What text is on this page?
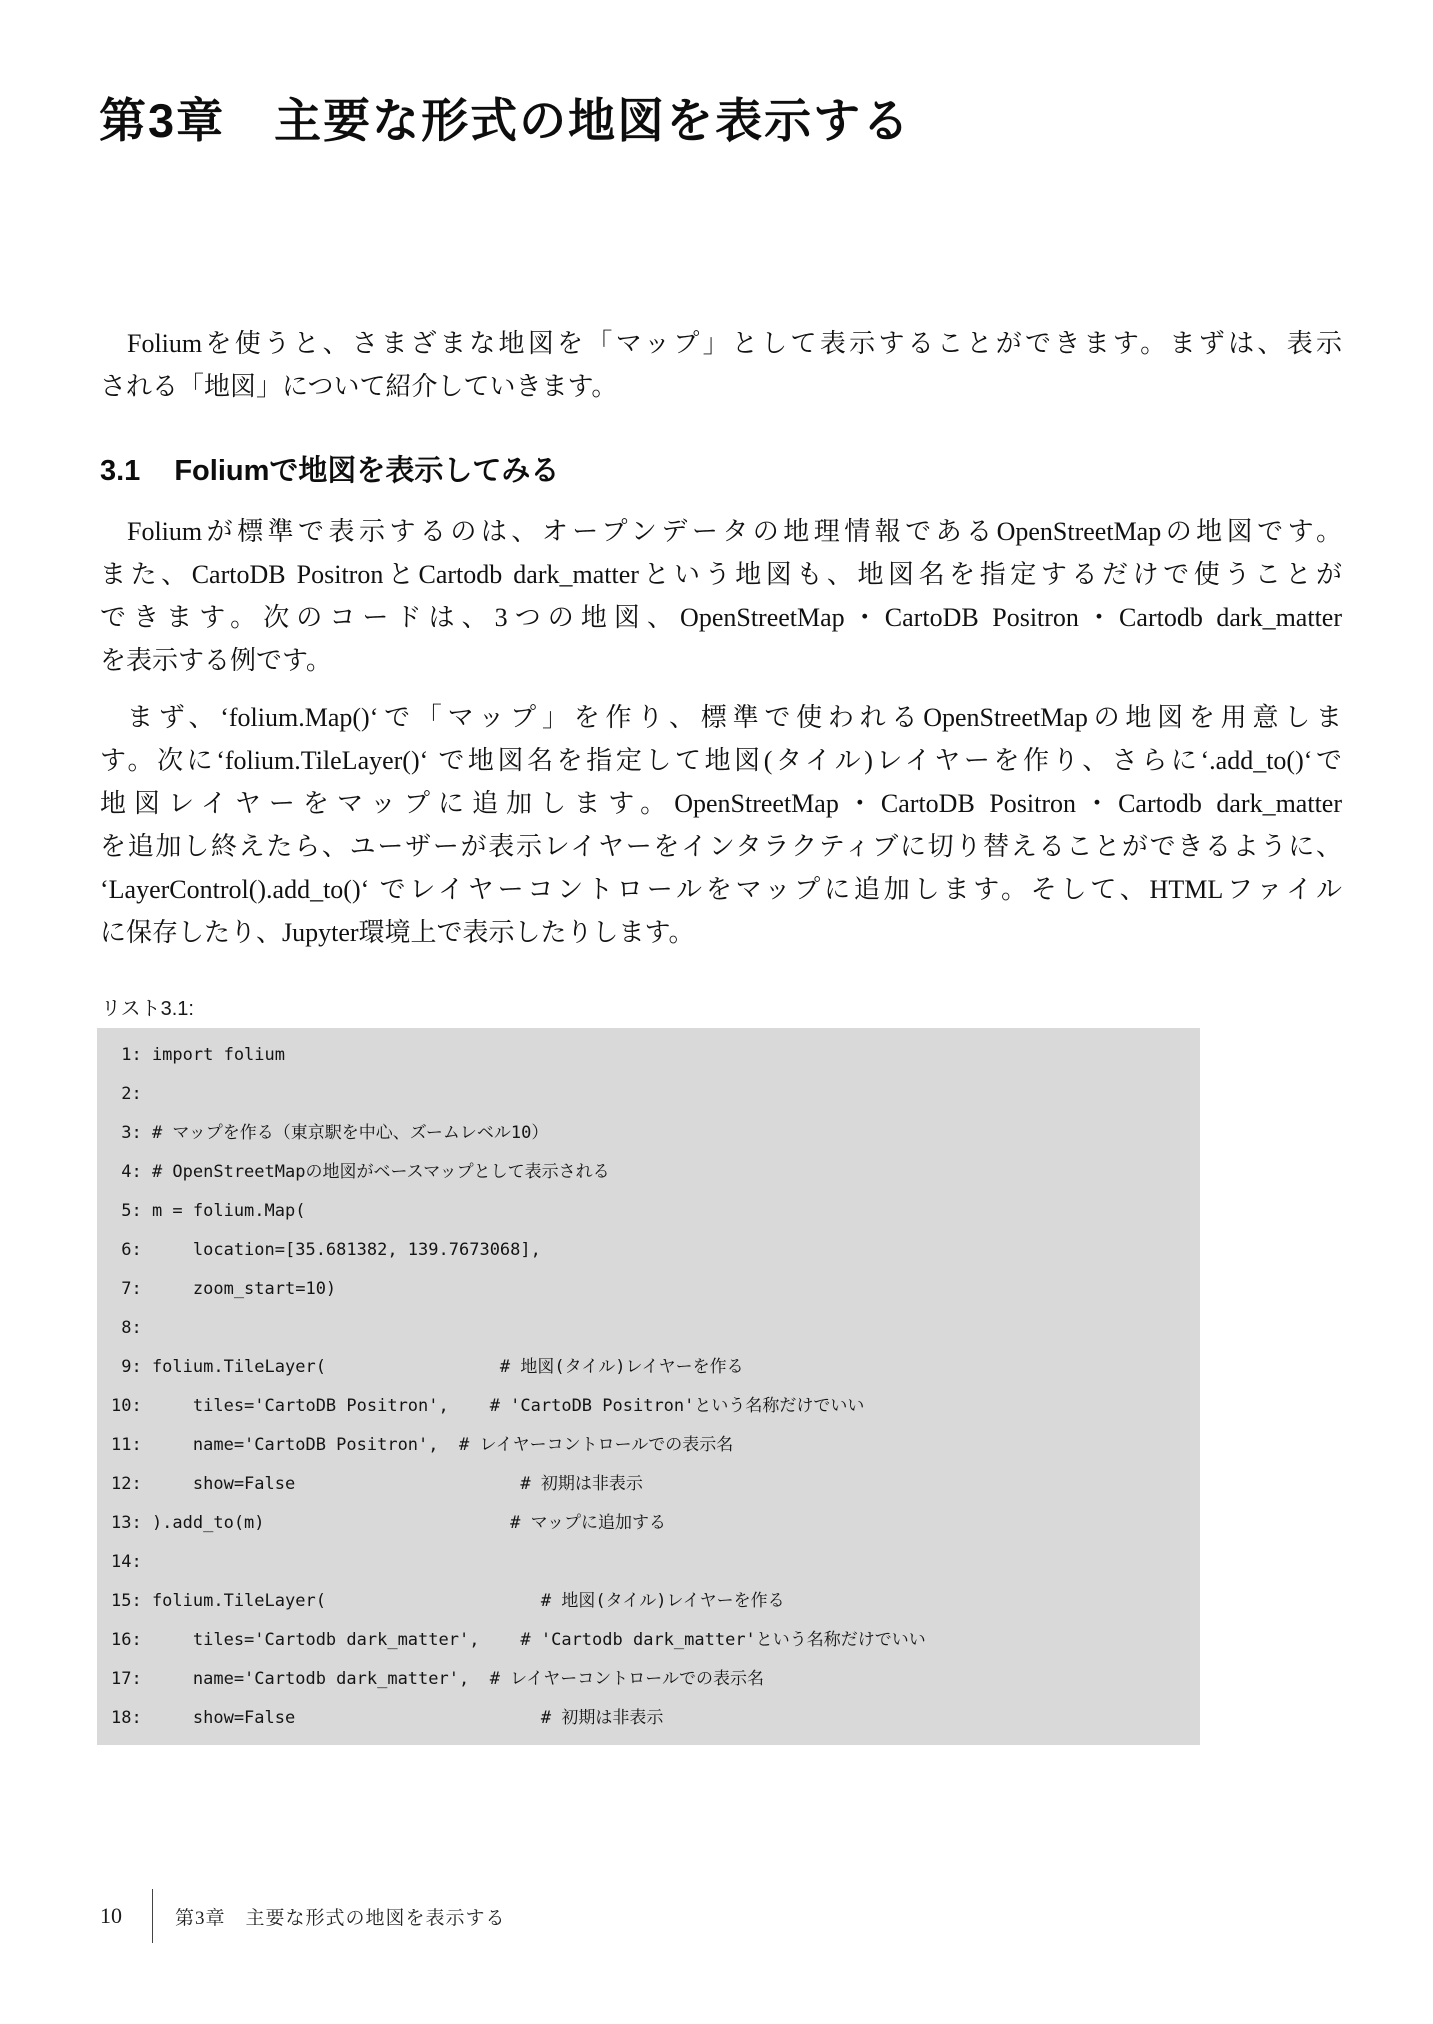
第3章　主要な形式の地図を表示する
Foliumを使うと、さまざまな地図を「マップ」として表示することができます。まずは、表示
される「地図」について紹介していきます。
3.1 Foliumで地図を表示してみる
Foliumが標準で表示するのは、オープンデータの地理情報であるOpenStreetMapの地図です。
また、CartoDB PositronとCartodb dark_matterという地図も、地図名を指定するだけで使うことが
できます。次のコードは、3つの地図、OpenStreetMap・CartoDB Positron・Cartodb dark_matter
を表示する例です。
まず、‘folium.Map()‘で「マップ」を作り、標準で使われるOpenStreetMapの地図を用意しま
す。次に‘folium.TileLayer()‘ で地図名を指定して地図(タイル)レイヤーを作り、さらに‘.add_to()‘で
地図レイヤーをマップに追加します。OpenStreetMap・CartoDB Positron・Cartodb dark_matter
を追加し終えたら、ユーザーが表示レイヤーをインタラクティブに切り替えることができるように、
‘LayerControl().add_to()‘ でレイヤーコントロールをマップに追加します。そして、HTMLファイル
に保存したり、Jupyter環境上で表示したりします。
リスト3.1:
1: import folium
2:
3: # マップを作る（東京駅を中心、ズームレベル10）
4: # OpenStreetMapの地図がベースマップとして表示される
5: m = folium.Map(
6:     location=[35.681382, 139.7673068],
7:     zoom_start=10)
8:
9: folium.TileLayer(                 # 地図(タイル)レイヤーを作る
10:     tiles='CartoDB Positron',    # 'CartoDB Positron'という名称だけでいい
11:     name='CartoDB Positron',  # レイヤーコントロールでの表示名
12:     show=False                      # 初期は非表示
13: ).add_to(m)                        # マップに追加する
14:
15: folium.TileLayer(                     # 地図(タイル)レイヤーを作る
16:     tiles='Cartodb dark_matter',    # 'Cartodb dark_matter'という名称だけでいい
17:     name='Cartodb dark_matter',  # レイヤーコントロールでの表示名
18:     show=False                        # 初期は非表示
10	第3章　主要な形式の地図を表示する
